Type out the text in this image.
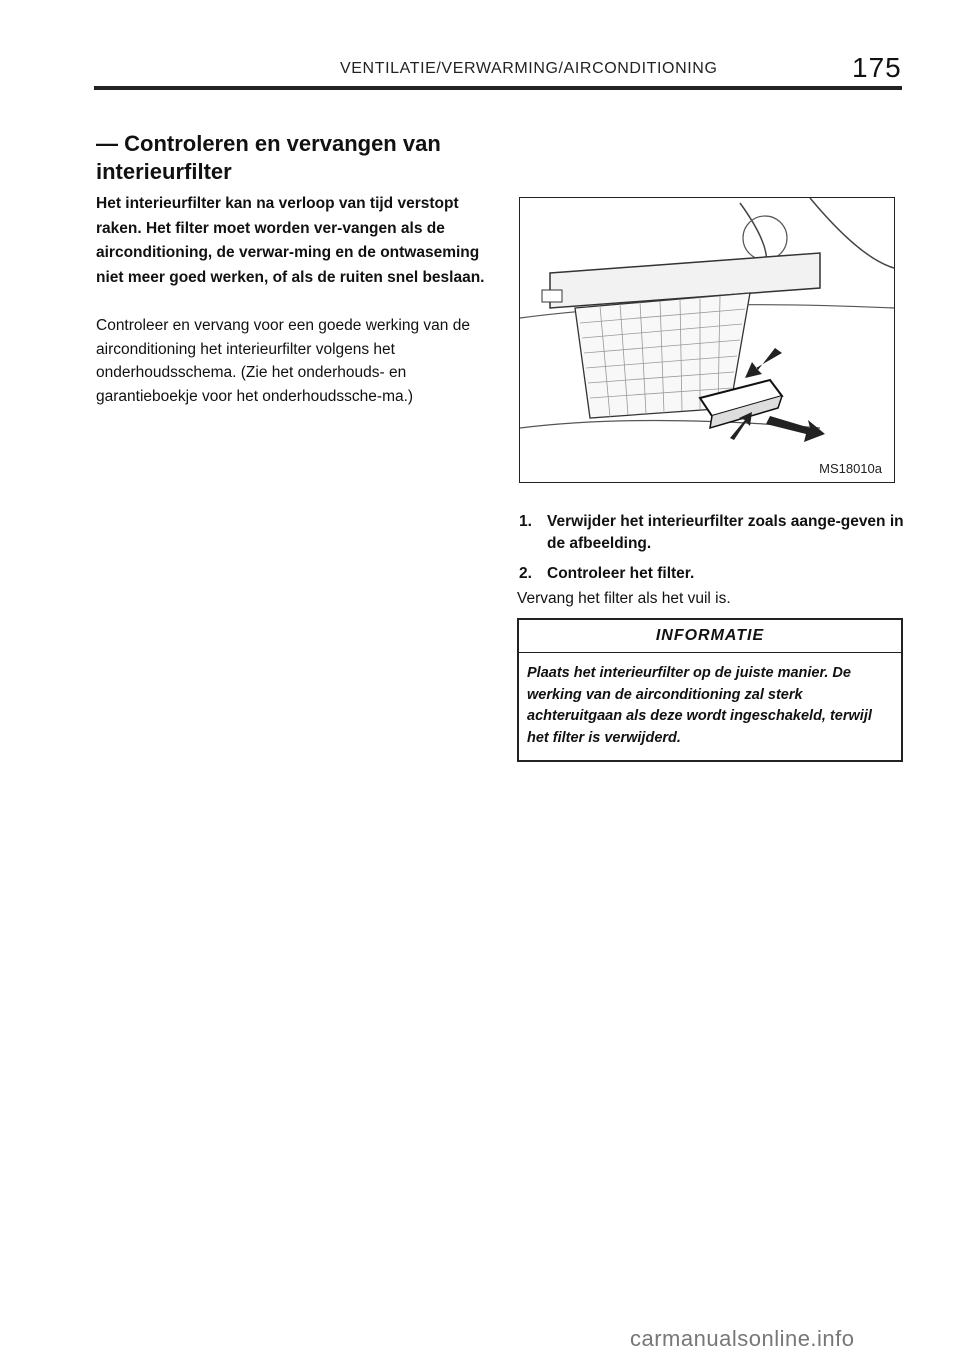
VENTILATIE/VERWARMING/AIRCONDITIONING	175
— Controleren en vervangen van interieurfilter
Het interieurfilter kan na verloop van tijd verstopt raken. Het filter moet worden ver-vangen als de airconditioning, de verwar-ming en de ontwaseming niet meer goed werken, of als de ruiten snel beslaan.
Controleer en vervang voor een goede werking van de airconditioning het interieurfilter volgens het onderhoudsschema. (Zie het onderhouds‑ en garantieboekje voor het onderhoudssche-ma.)
MS18010a
1. Verwijder het interieurfilter zoals aange-geven in de afbeelding.
2. Controleer het filter.
Vervang het filter als het vuil is.
INFORMATIE
Plaats het interieurfilter op de juiste manier. De werking van de airconditioning zal sterk achteruitgaan als deze wordt ingeschakeld, terwijl het filter is verwijderd.
carmanualsonline.info
